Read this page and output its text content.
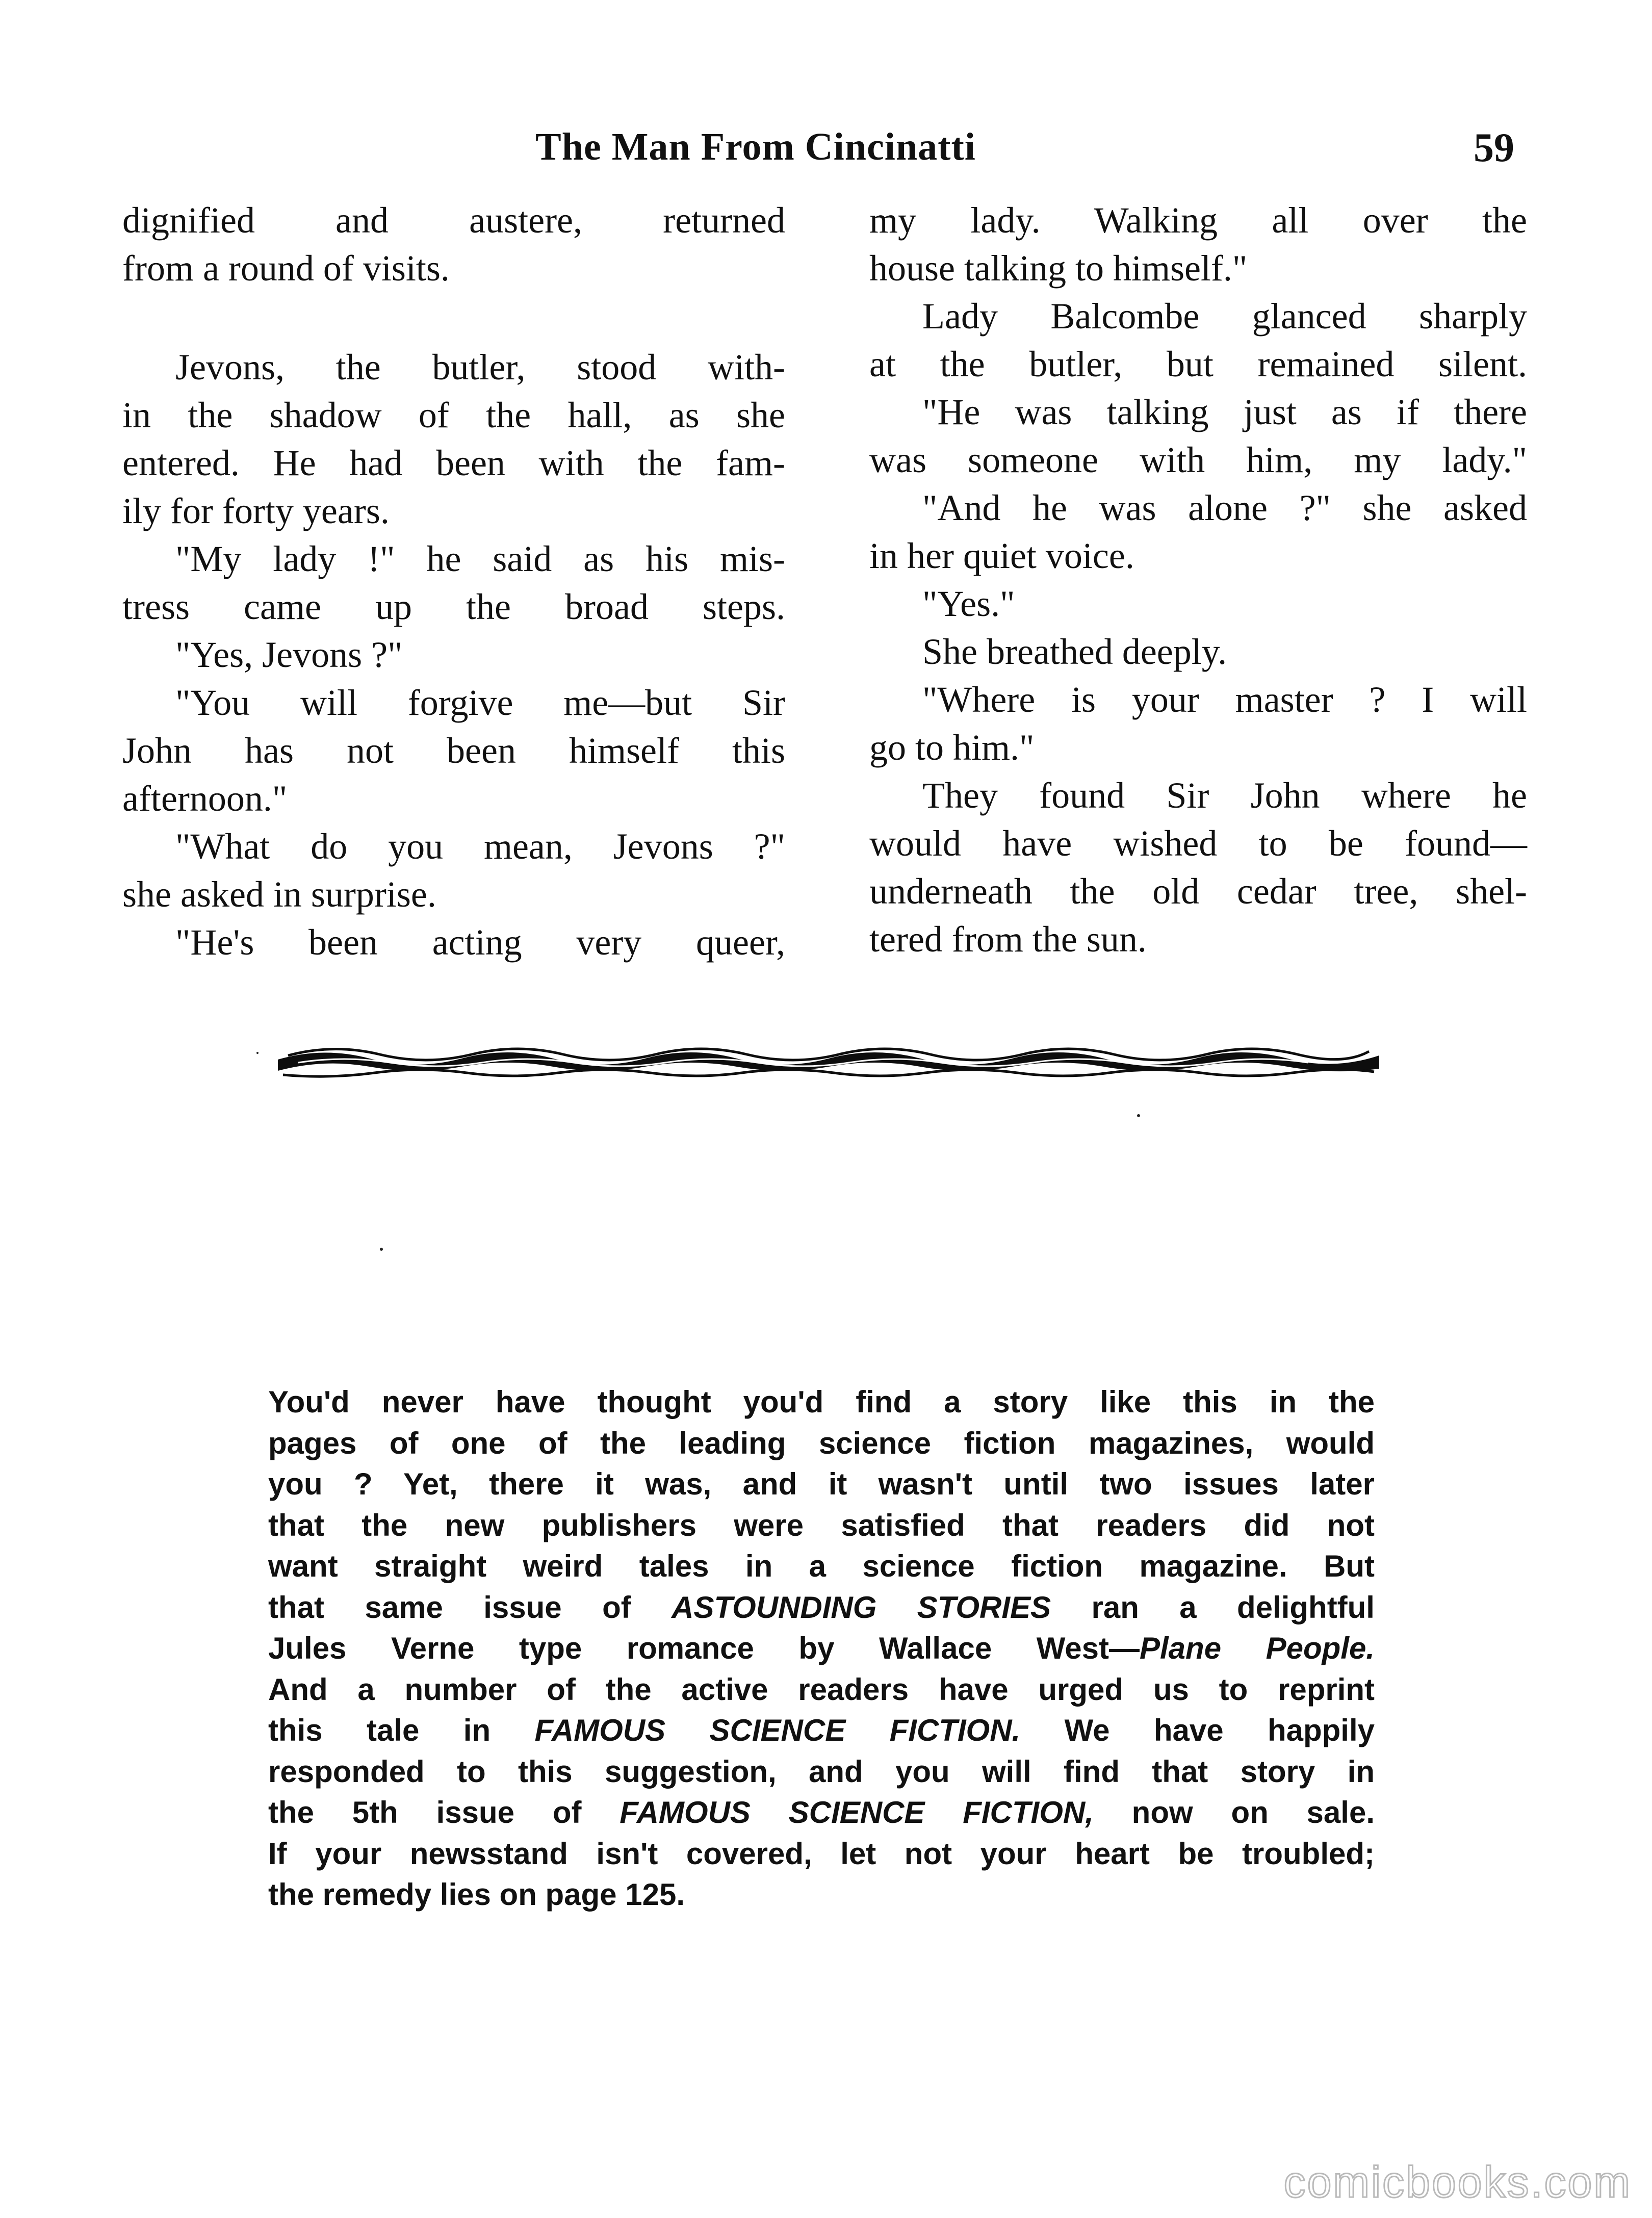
The Man From Cincinatti	59
dignified and austere, returned
from a round of visits.
Jevons, the butler, stood with-
in the shadow of the hall, as she
entered. He had been with the fam-
ily for forty years.
"My lady !" he said as his mis-
tress came up the broad steps.
"Yes, Jevons ?"
"You will forgive me—but Sir
John has not been himself this
afternoon."
"What do you mean, Jevons ?"
she asked in surprise.
"He's been acting very queer,
my lady. Walking all over the
house talking to himself."
Lady Balcombe glanced sharply
at the butler, but remained silent.
"He was talking just as if there
was someone with him, my lady."
"And he was alone ?" she asked
in her quiet voice.
"Yes."
She breathed deeply.
"Where is your master ? I will
go to him."
They found Sir John where he
would have wished to be found—
underneath the old cedar tree, shel-
tered from the sun.
You'd never have thought you'd find a story like this in the
pages of one of the leading science fiction magazines, would
you ? Yet, there it was, and it wasn't until two issues later
that the new publishers were satisfied that readers did not
want straight weird tales in a science fiction magazine. But
that same issue of ASTOUNDING STORIES ran a delightful
Jules Verne type romance by Wallace West—Plane People.
And a number of the active readers have urged us to reprint
this tale in FAMOUS SCIENCE FICTION. We have happily
responded to this suggestion, and you will find that story in
the 5th issue of FAMOUS SCIENCE FICTION, now on sale.
If your newsstand isn't covered, let not your heart be troubled;
the remedy lies on page 125.
comicbooks.com
